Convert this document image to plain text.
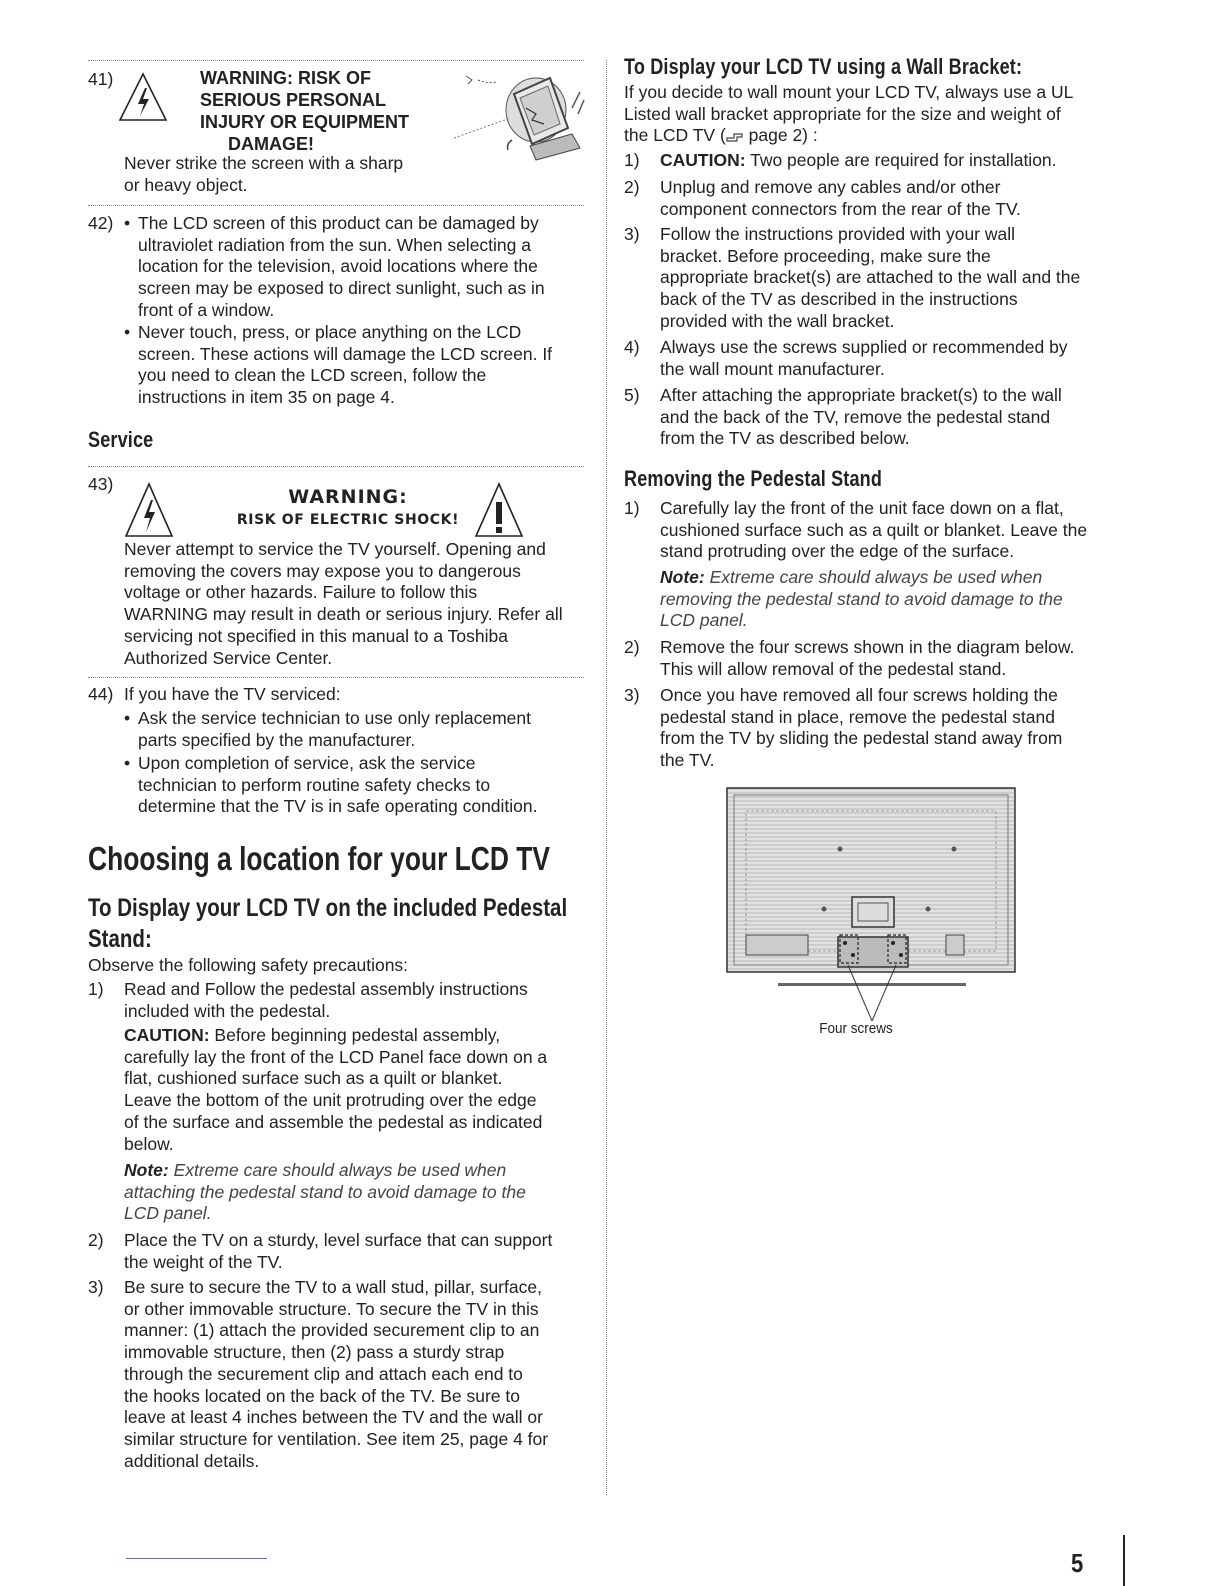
41)	WARNING: RISK OF
SERIOUS PERSONAL
INJURY OR EQUIPMENT
DAMAGE!
Never strike the screen with a sharp
or heavy object.
42) • The LCD screen of this product can be damaged by
ultraviolet radiation from the sun. When selecting a
location for the television, avoid locations where the
screen may be exposed to direct sunlight, such as in
front of a window.
• Never touch, press, or place anything on the LCD
screen. These actions will damage the LCD screen. If
you need to clean the LCD screen, follow the
instructions in item 35 on page 4.
Service
43)
WARNING:
RISK OF ELECTRIC SHOCK!
Never attempt to service the TV yourself. Opening and
removing the covers may expose you to dangerous
voltage or other hazards. Failure to follow this
WARNING may result in death or serious injury. Refer all
servicing not specified in this manual to a Toshiba
Authorized Service Center.
44) If you have the TV serviced:
• Ask the service technician to use only replacement
parts specified by the manufacturer.
• Upon completion of service, ask the service
technician to perform routine safety checks to
determine that the TV is in safe operating condition.
Choosing a location for your LCD TV
To Display your LCD TV on the included Pedestal
Stand:
Observe the following safety precautions:
1) Read and Follow the pedestal assembly instructions
included with the pedestal.
CAUTION: Before beginning pedestal assembly,
carefully lay the front of the LCD Panel face down on a
flat, cushioned surface such as a quilt or blanket.
Leave the bottom of the unit protruding over the edge
of the surface and assemble the pedestal as indicated
below.
Note: Extreme care should always be used when
attaching the pedestal stand to avoid damage to the
LCD panel.
2) Place the TV on a sturdy, level surface that can support
the weight of the TV.
3) Be sure to secure the TV to a wall stud, pillar, surface,
or other immovable structure. To secure the TV in this
manner: (1) attach the provided securement clip to an
immovable structure, then (2) pass a sturdy strap
through the securement clip and attach each end to
the hooks located on the back of the TV. Be sure to
leave at least 4 inches between the TV and the wall or
similar structure for ventilation. See item 25, page 4 for
additional details.
To Display your LCD TV using a Wall Bracket:
If you decide to wall mount your LCD TV, always use a UL
Listed wall bracket appropriate for the size and weight of
the LCD TV ( page 2) :
1) CAUTION: Two people are required for installation.
2) Unplug and remove any cables and/or other
component connectors from the rear of the TV.
3) Follow the instructions provided with your wall
bracket. Before proceeding, make sure the
appropriate bracket(s) are attached to the wall and the
back of the TV as described in the instructions
provided with the wall bracket.
4) Always use the screws supplied or recommended by
the wall mount manufacturer.
5) After attaching the appropriate bracket(s) to the wall
and the back of the TV, remove the pedestal stand
from the TV as described below.
Removing the Pedestal Stand
1) Carefully lay the front of the unit face down on a flat,
cushioned surface such as a quilt or blanket. Leave the
stand protruding over the edge of the surface.
Note: Extreme care should always be used when
removing the pedestal stand to avoid damage to the
LCD panel.
2) Remove the four screws shown in the diagram below.
This will allow removal of the pedestal stand.
3) Once you have removed all four screws holding the
pedestal stand in place, remove the pedestal stand
from the TV by sliding the pedestal stand away from
the TV.
Four screws
5
